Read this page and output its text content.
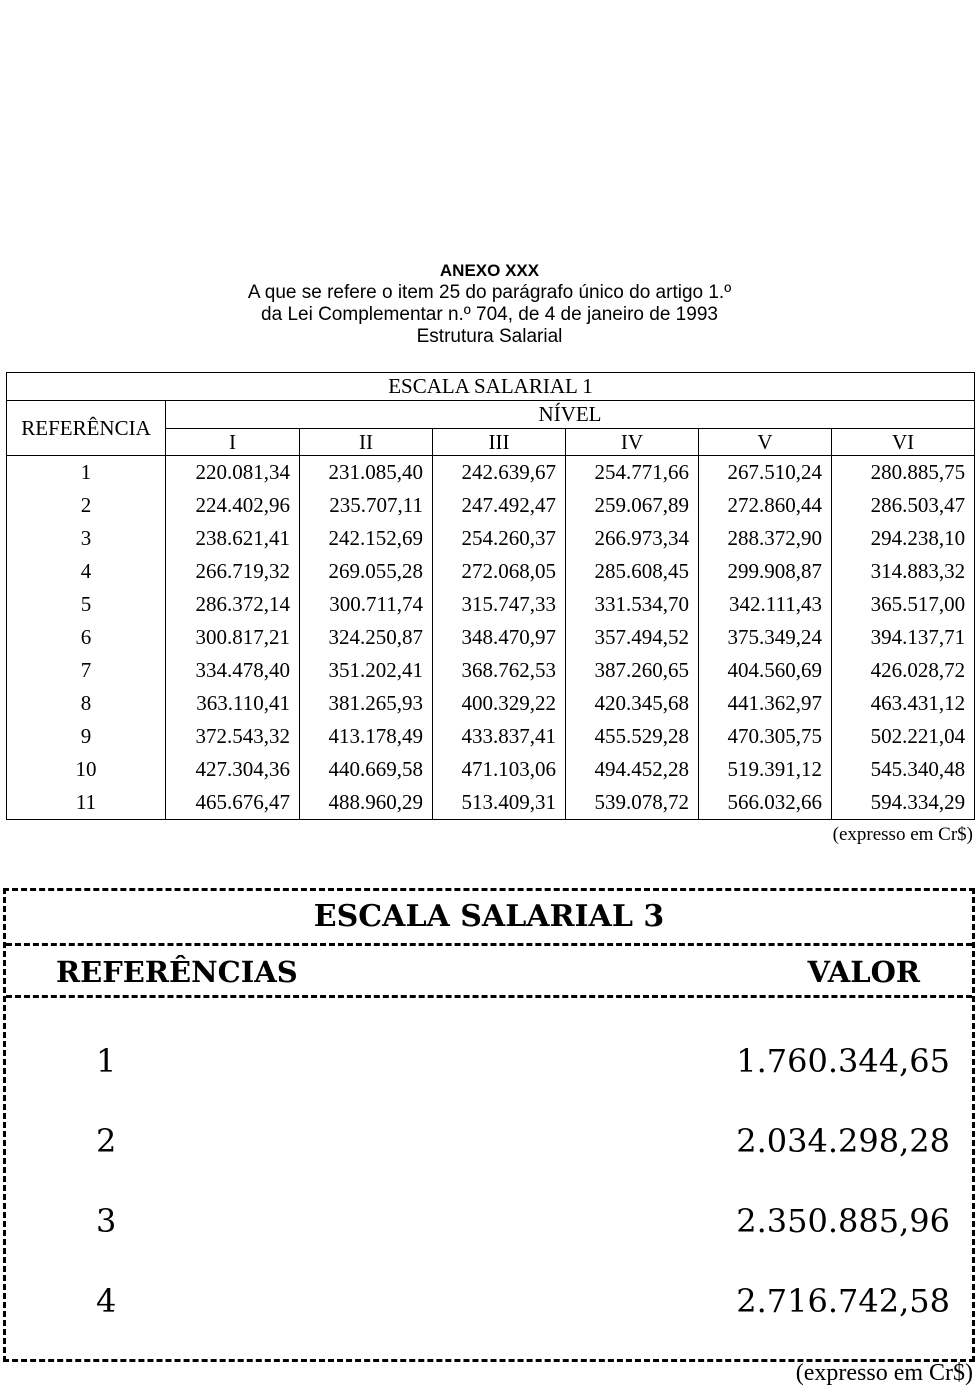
ANEXO XXX
A que se refere o item 25 do parágrafo único do artigo 1.º
da Lei Complementar n.º 704, de 4 de janeiro de 1993
Estrutura Salarial
ESCALA SALARIAL 1						
REFERÊNCIA	NÍVEL					
	I	II	III	IV	V	VI
1	220.081,34	231.085,40	242.639,67	254.771,66	267.510,24	280.885,75
2	224.402,96	235.707,11	247.492,47	259.067,89	272.860,44	286.503,47
3	238.621,41	242.152,69	254.260,37	266.973,34	288.372,90	294.238,10
4	266.719,32	269.055,28	272.068,05	285.608,45	299.908,87	314.883,32
5	286.372,14	300.711,74	315.747,33	331.534,70	342.111,43	365.517,00
6	300.817,21	324.250,87	348.470,97	357.494,52	375.349,24	394.137,71
7	334.478,40	351.202,41	368.762,53	387.260,65	404.560,69	426.028,72
8	363.110,41	381.265,93	400.329,22	420.345,68	441.362,97	463.431,12
9	372.543,32	413.178,49	433.837,41	455.529,28	470.305,75	502.221,04
10	427.304,36	440.669,58	471.103,06	494.452,28	519.391,12	545.340,48
11	465.676,47	488.960,29	513.409,31	539.078,72	566.032,66	594.334,29
(expresso em Cr$)
ESCALA SALARIAL 3
REFERÊNCIAS	VALOR
1	1.760.344,65
2	2.034.298,28
3	2.350.885,96
4	2.716.742,58
(expresso em Cr$)
